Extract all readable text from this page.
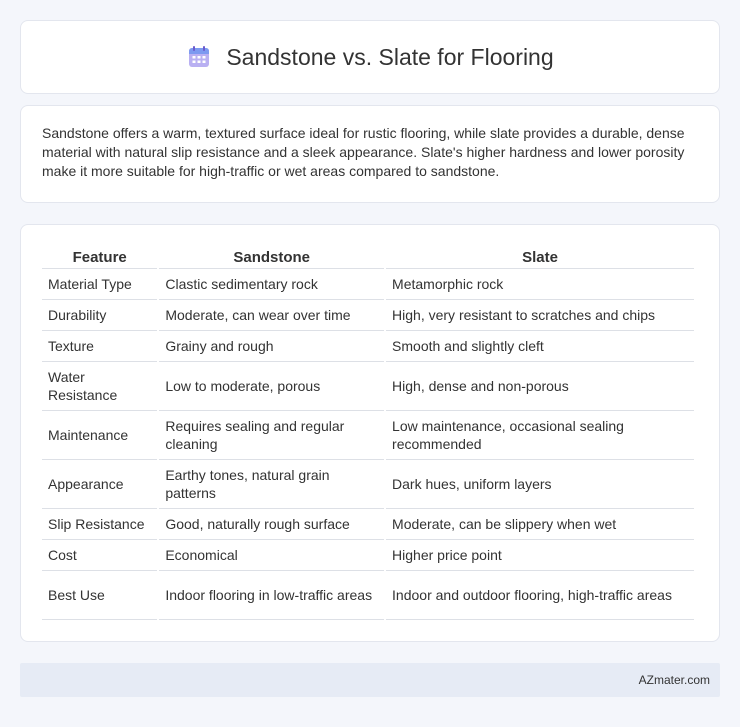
Sandstone vs. Slate for Flooring

Sandstone offers a warm, textured surface ideal for rustic flooring, while slate provides a durable, dense material with natural slip resistance and a sleek appearance. Slate's higher hardness and lower porosity make it more suitable for high-traffic or wet areas compared to sandstone.

Feature	Sandstone	Slate
Material Type	Clastic sedimentary rock	Metamorphic rock
Durability	Moderate, can wear over time	High, very resistant to scratches and chips
Texture	Grainy and rough	Smooth and slightly cleft
Water Resistance	Low to moderate, porous	High, dense and non-porous
Maintenance	Requires sealing and regular cleaning	Low maintenance, occasional sealing recommended
Appearance	Earthy tones, natural grain patterns	Dark hues, uniform layers
Slip Resistance	Good, naturally rough surface	Moderate, can be slippery when wet
Cost	Economical	Higher price point
Best Use	Indoor flooring in low-traffic areas	Indoor and outdoor flooring, high-traffic areas
AZmater.com
